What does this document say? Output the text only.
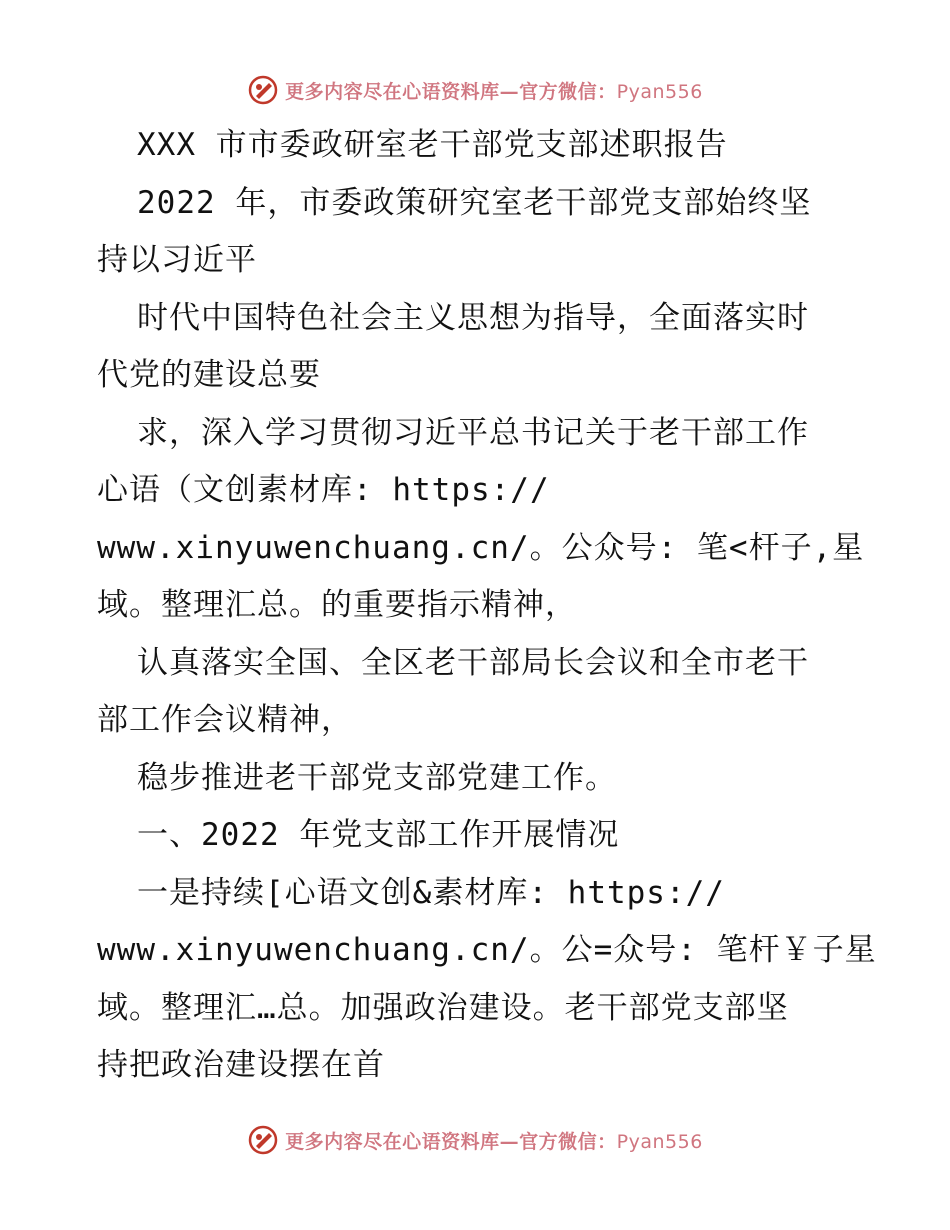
更多内容尽在心语资料库—官方微信：Pyan556
XXX 市市委政研室老干部党支部述职报告
2022 年，市委政策研究室老干部党支部始终坚
持以习近平
时代中国特色社会主义思想为指导，全面落实时
代党的建设总要
求，深入学习贯彻习近平总书记关于老干部工作
心语（文创素材库: https://
www.xinyuwenchuang.cn/。公众号: 笔<杆子,星
域。整理汇总。的重要指示精神，
认真落实全国、全区老干部局长会议和全市老干
部工作会议精神，
稳步推进老干部党支部党建工作。
一、2022 年党支部工作开展情况
一是持续[心语文创&素材库: https://
www.xinyuwenchuang.cn/。公=众号: 笔杆￥子星
域。整理汇…总。加强政治建设。老干部党支部坚
持把政治建设摆在首
更多内容尽在心语资料库—官方微信：Pyan556
